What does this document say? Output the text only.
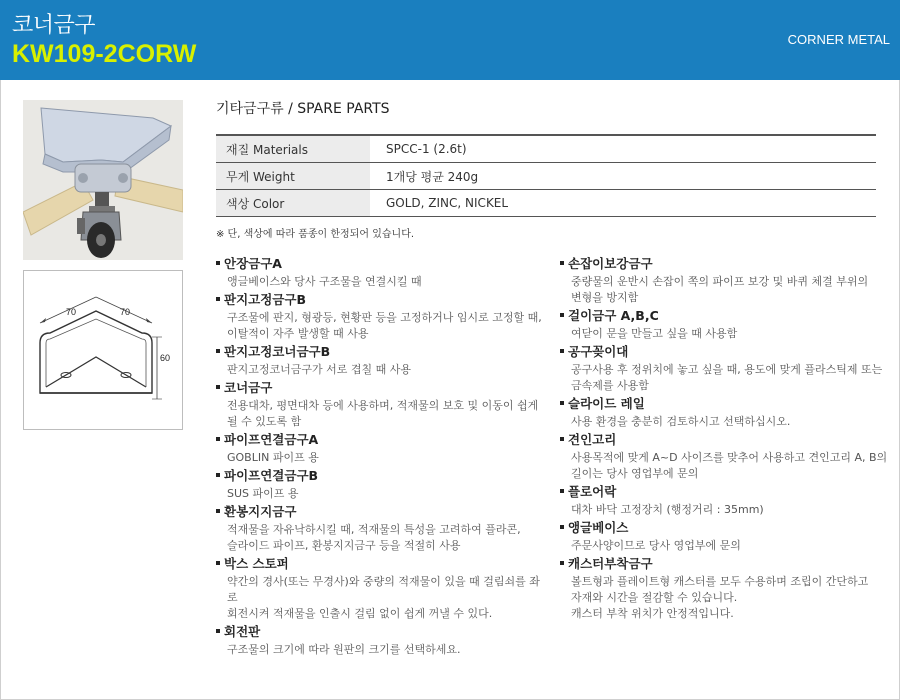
코너금구
KW109-2CORW
CORNER METAL
70	70
60
기타금구류 / SPARE PARTS
재질 Materials	SPCC-1 (2.6t)
무게 Weight	1개당 평균 240g
색상 Color	GOLD, ZINC, NICKEL
※ 단, 색상에 따라 품종이 한정되어 있습니다.
안장금구A
앵글베이스와 당사 구조물을 연결시킬 때
판지고정금구B
구조물에 판지, 형광등, 현황판 등을 고정하거나 임시로 고정할 때,
이탈적이 자주 발생할 때 사용
판지고정코너금구B
판지고정코너금구가 서로 겹칠 때 사용
코너금구
전용대차, 평면대차 등에 사용하며, 적재물의 보호 및 이동이 쉽게
될 수 있도록 함
파이프연결금구A
GOBLIN 파이프 용
파이프연결금구B
SUS 파이프 용
환봉지지금구
적재물을 자유낙하시킬 때, 적재물의 특성을 고려하여 플라콘,
슬라이드 파이프, 환봉지지금구 등을 적절히 사용
박스 스토퍼
약간의 경사(또는 무경사)와 중량의 적재물이 있을 때 걸림쇠를 좌로
회전시켜 적재물을 인출시 걸림 없이 쉽게 꺼낼 수 있다.
회전판
구조물의 크기에 따라 원판의 크기를 선택하세요.
손잡이보강금구
중량물의 운반시 손잡이 쪽의 파이프 보강 및 바퀴 체결 부위의
변형을 방지함
걸이금구 A,B,C
여닫이 문을 만들고 싶을 때 사용함
공구꽂이대
공구사용 후 정위치에 놓고 싶을 때, 용도에 맞게 플라스틱제 또는
금속제를 사용함
슬라이드 레일
사용 환경을 충분히 검토하시고 선택하십시오.
견인고리
사용목적에 맞게 A~D 사이즈를 맞추어 사용하고 견인고리 A, B의
길이는 당사 영업부에 문의
플로어락
대차 바닥 고정장치 (행정거리 : 35mm)
앵글베이스
주문사양이므로 당사 영업부에 문의
캐스터부착금구
볼트형과 플레이트형 캐스터를 모두 수용하며 조립이 간단하고
자재와 시간을 절감할 수 있습니다.
캐스터 부착 위치가 안정적입니다.
